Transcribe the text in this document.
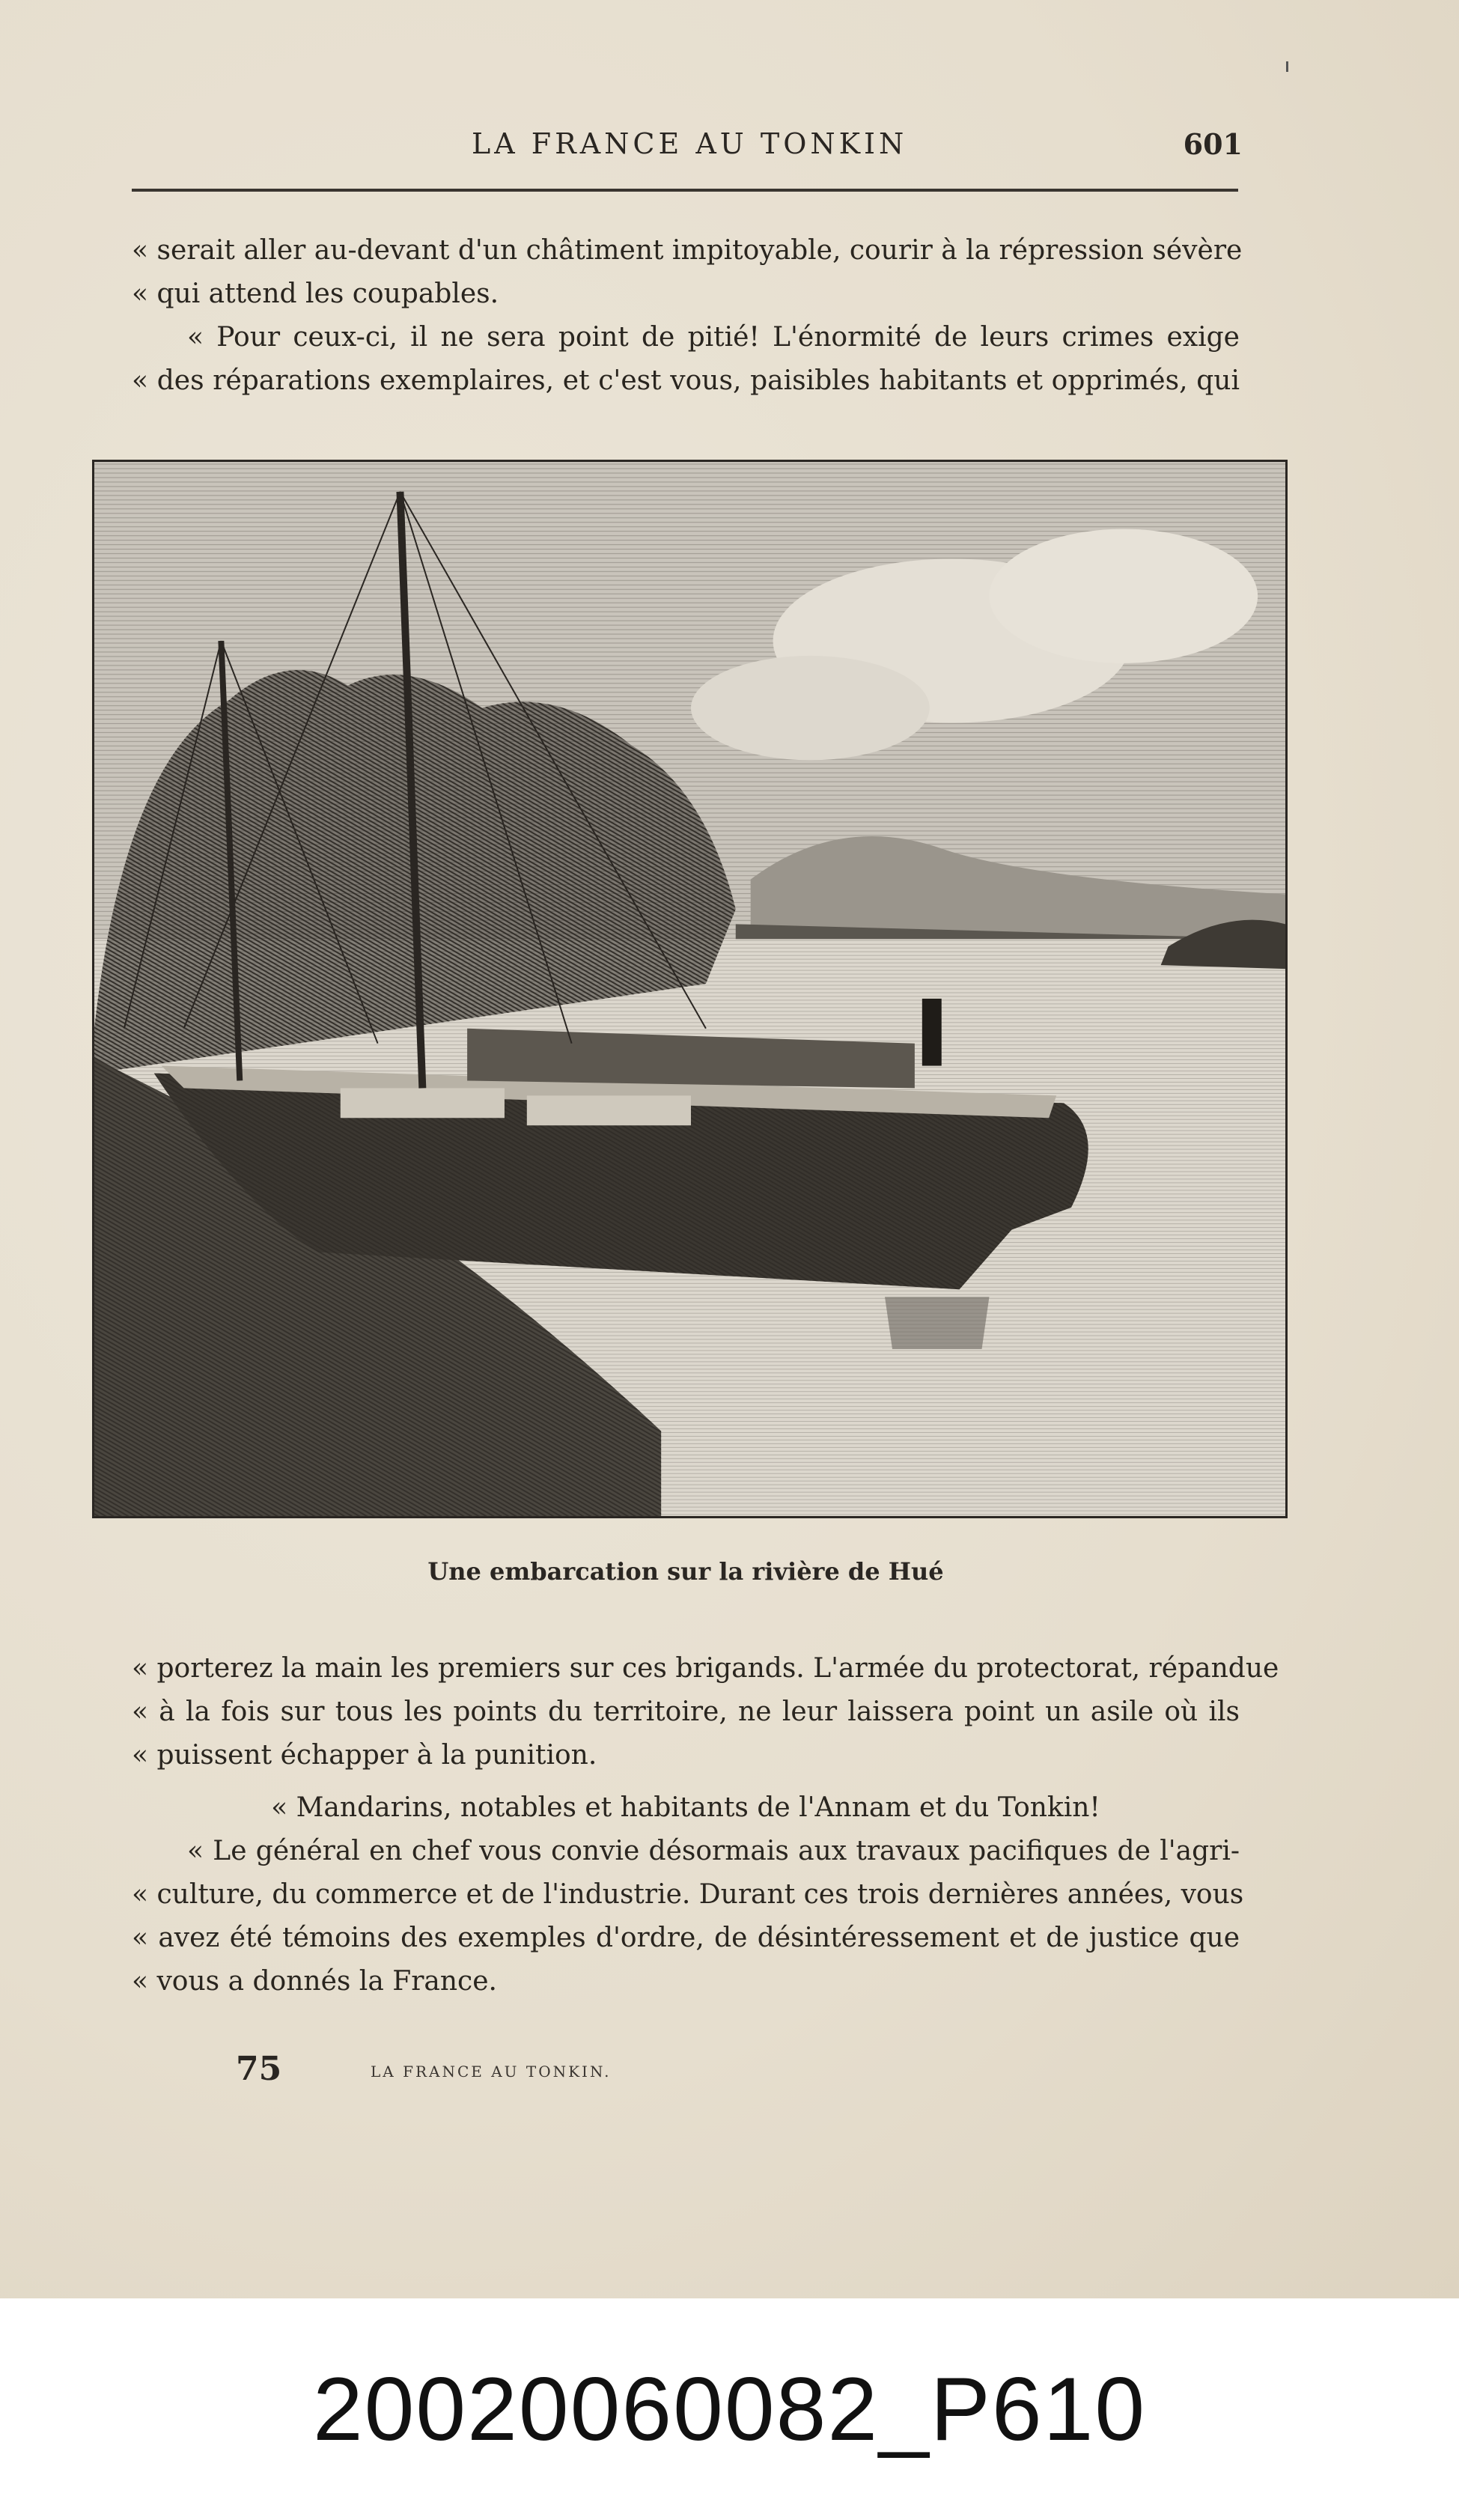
LA FRANCE AU TONKIN	601
« serait aller au-devant d'un châtiment impitoyable, courir à la répression sévère
« qui attend les coupables.
« Pour ceux-ci, il ne sera point de pitié! L'énormité de leurs crimes exige
« des réparations exemplaires, et c'est vous, paisibles habitants et opprimés, qui
Une embarcation sur la rivière de Hué
« porterez la main les premiers sur ces brigands. L'armée du protectorat, répandue
« à la fois sur tous les points du territoire, ne leur laissera point un asile où ils
« puissent échapper à la punition.
« Mandarins, notables et habitants de l'Annam et du Tonkin!
« Le général en chef vous convie désormais aux travaux pacifiques de l'agri-
« culture, du commerce et de l'industrie. Durant ces trois dernières années, vous
« avez été témoins des exemples d'ordre, de désintéressement et de justice que
« vous a donnés la France.
75	LA FRANCE AU TONKIN.
20020060082_P610
